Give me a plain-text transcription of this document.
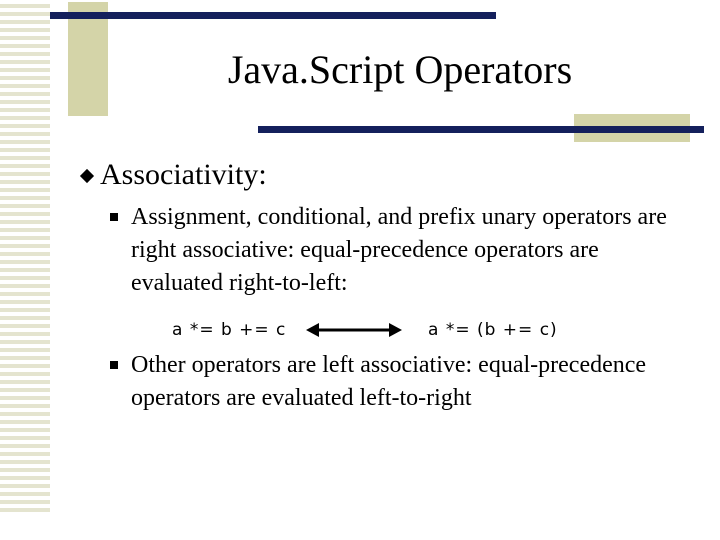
Java.Script Operators
Associativity:
Assignment, conditional, and prefix unary operators are right associative: equal-precedence operators are evaluated right-to-left:
a *= b += c	a *= (b += c)
Other operators are left associative: equal-precedence operators are evaluated left-to-right
